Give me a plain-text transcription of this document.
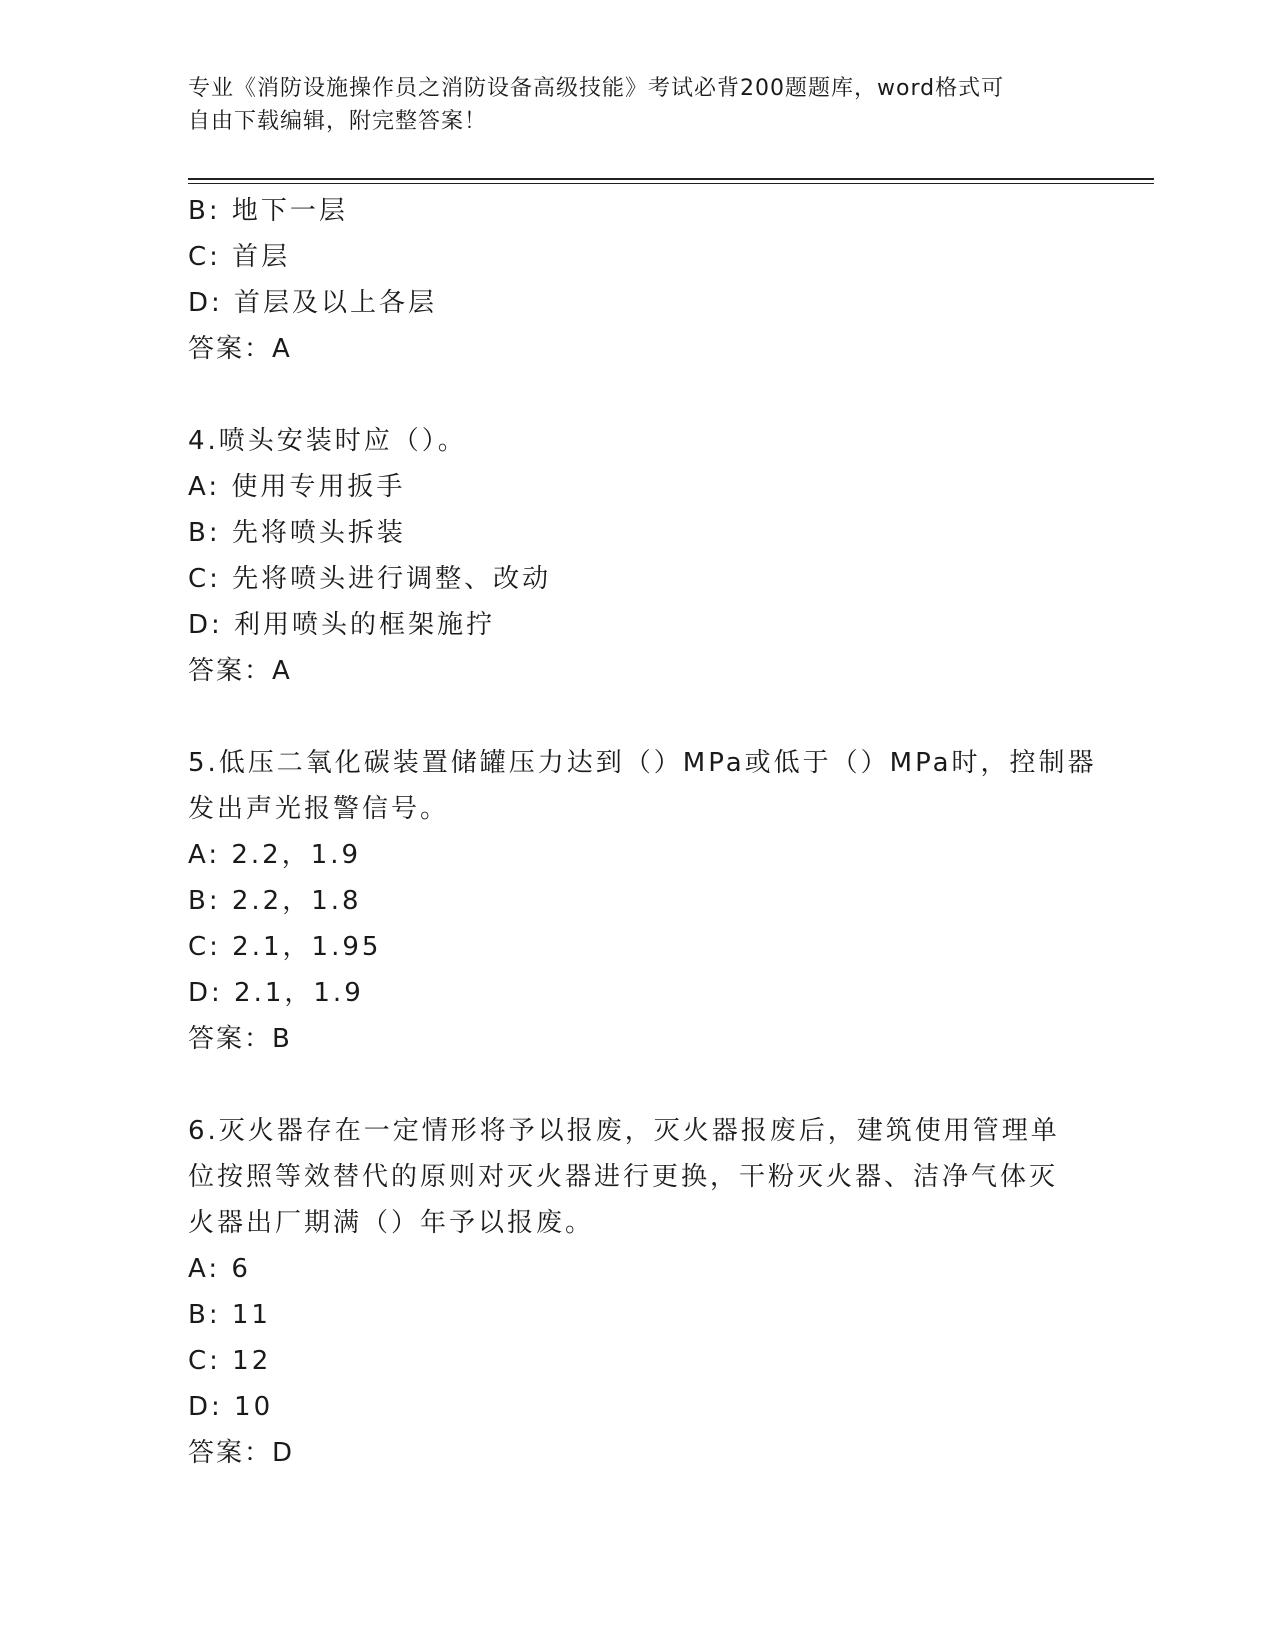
专业《消防设施操作员之消防设备高级技能》考试必背200题题库，word格式可
自由下载编辑，附完整答案！
B: 地下一层
C: 首层
D: 首层及以上各层
答案：A
4.喷头安装时应（）。
A: 使用专用扳手
B: 先将喷头拆装
C: 先将喷头进行调整、改动
D: 利用喷头的框架施拧
答案：A
5.低压二氧化碳装置储罐压力达到（）MPa或低于（）MPa时，控制器
发出声光报警信号。
A: 2.2，1.9
B: 2.2，1.8
C: 2.1，1.95
D: 2.1，1.9
答案：B
6.灭火器存在一定情形将予以报废，灭火器报废后，建筑使用管理单
位按照等效替代的原则对灭火器进行更换，干粉灭火器、洁净气体灭
火器出厂期满（）年予以报废。
A: 6
B: 11
C: 12
D: 10
答案：D
